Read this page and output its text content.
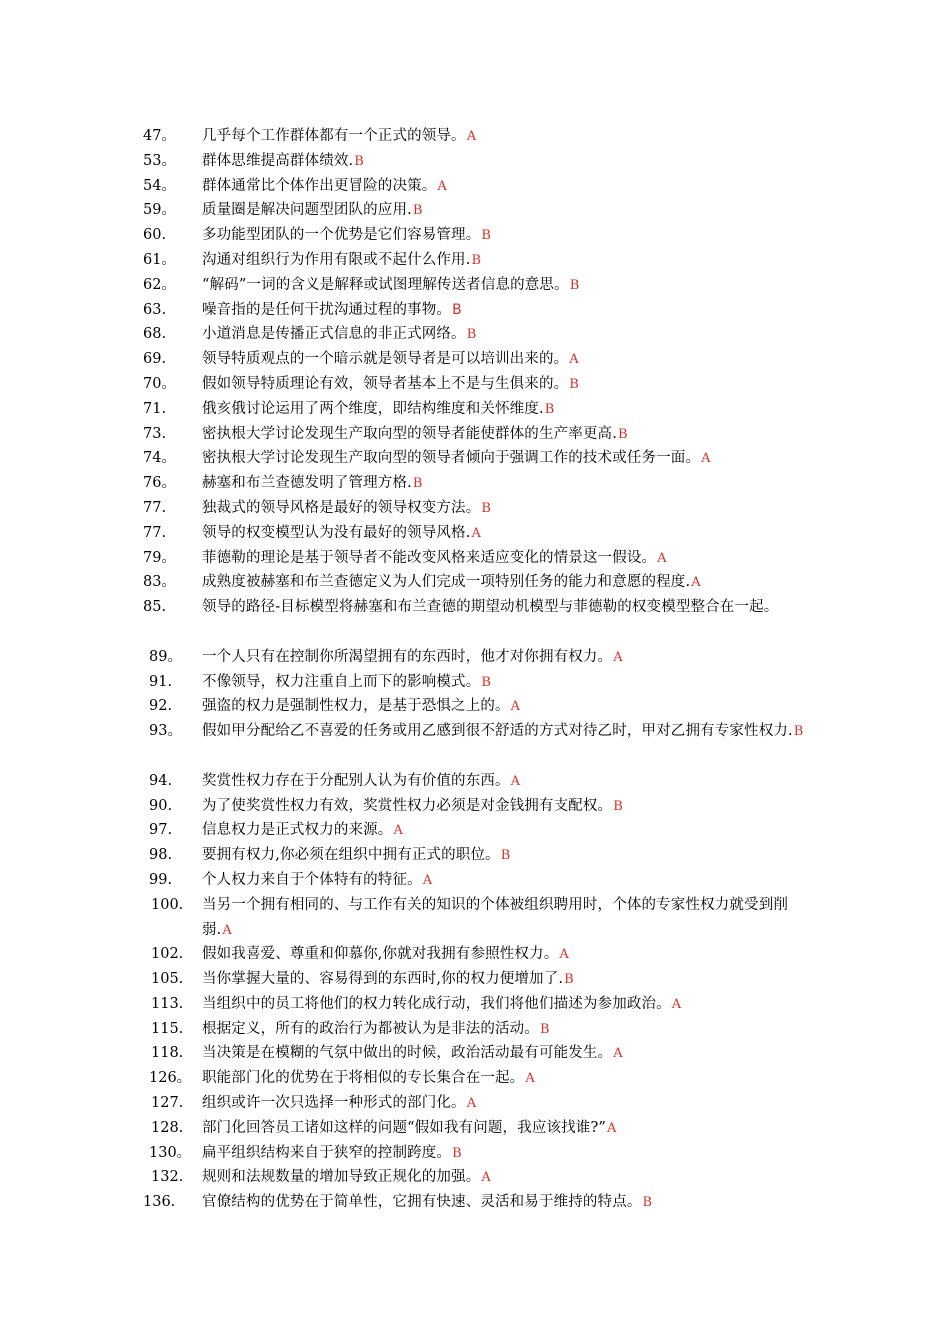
47。	几乎每个工作群体都有一个正式的领导。A
53。	群体思维提高群体绩效.B
54。	群体通常比个体作出更冒险的决策。A
59。	质量圈是解决问题型团队的应用.B
60.	多功能型团队的一个优势是它们容易管理。B
61。	沟通对组织行为作用有限或不起什么作用.B
62。	“解码”一词的含义是解释或试图理解传送者信息的意思。B
63.	噪音指的是任何干扰沟通过程的事物。B
68.	小道消息是传播正式信息的非正式网络。B
69.	领导特质观点的一个暗示就是领导者是可以培训出来的。A
70。	假如领导特质理论有效，领导者基本上不是与生俱来的。B
71.	俄亥俄讨论运用了两个维度，即结构维度和关怀维度.B
73.	密执根大学讨论发现生产取向型的领导者能使群体的生产率更高.B
74。	密执根大学讨论发现生产取向型的领导者倾向于强调工作的技术或任务一面。A
76。	赫塞和布兰查德发明了管理方格.B
77.	独裁式的领导风格是最好的领导权变方法。B
77.	领导的权变模型认为没有最好的领导风格.A
79。	菲德勒的理论是基于领导者不能改变风格来适应变化的情景这一假设。A
83。	成熟度被赫塞和布兰查德定义为人们完成一项特别任务的能力和意愿的程度.A
85.	领导的路径-目标模型将赫塞和布兰查德的期望动机模型与菲德勒的权变模型整合在一起。
89。	一个人只有在控制你所渴望拥有的东西时，他才对你拥有权力。A
91.	不像领导，权力注重自上而下的影响模式。B
92.	强盗的权力是强制性权力，是基于恐惧之上的。A
93。	假如甲分配给乙不喜爱的任务或用乙感到很不舒适的方式对待乙时，甲对乙拥有专家性权力.B
94.	奖赏性权力存在于分配别人认为有价值的东西。A
90.	为了使奖赏性权力有效，奖赏性权力必须是对金钱拥有支配权。B
97.	信息权力是正式权力的来源。A
98.	要拥有权力,你必须在组织中拥有正式的职位。B
99.	个人权力来自于个体特有的特征。A
100.	当另一个拥有相同的、与工作有关的知识的个体被组织聘用时，个体的专家性权力就受到削弱.A
102.	假如我喜爱、尊重和仰慕你,你就对我拥有参照性权力。A
105.	当你掌握大量的、容易得到的东西时,你的权力便增加了.B
113.	当组织中的员工将他们的权力转化成行动，我们将他们描述为参加政治。A
115.	根据定义，所有的政治行为都被认为是非法的活动。B
118.	当决策是在模糊的气氛中做出的时候，政治活动最有可能发生。A
126。 职能部门化的优势在于将相似的专长集合在一起。A
127.	组织或许一次只选择一种形式的部门化。A
128.	部门化回答员工诸如这样的问题“假如我有问题，我应该找谁?”A
130。 扁平组织结构来自于狭窄的控制跨度。B
132.	规则和法规数量的增加导致正规化的加强。A
136.	官僚结构的优势在于简单性，它拥有快速、灵活和易于维持的特点。B
